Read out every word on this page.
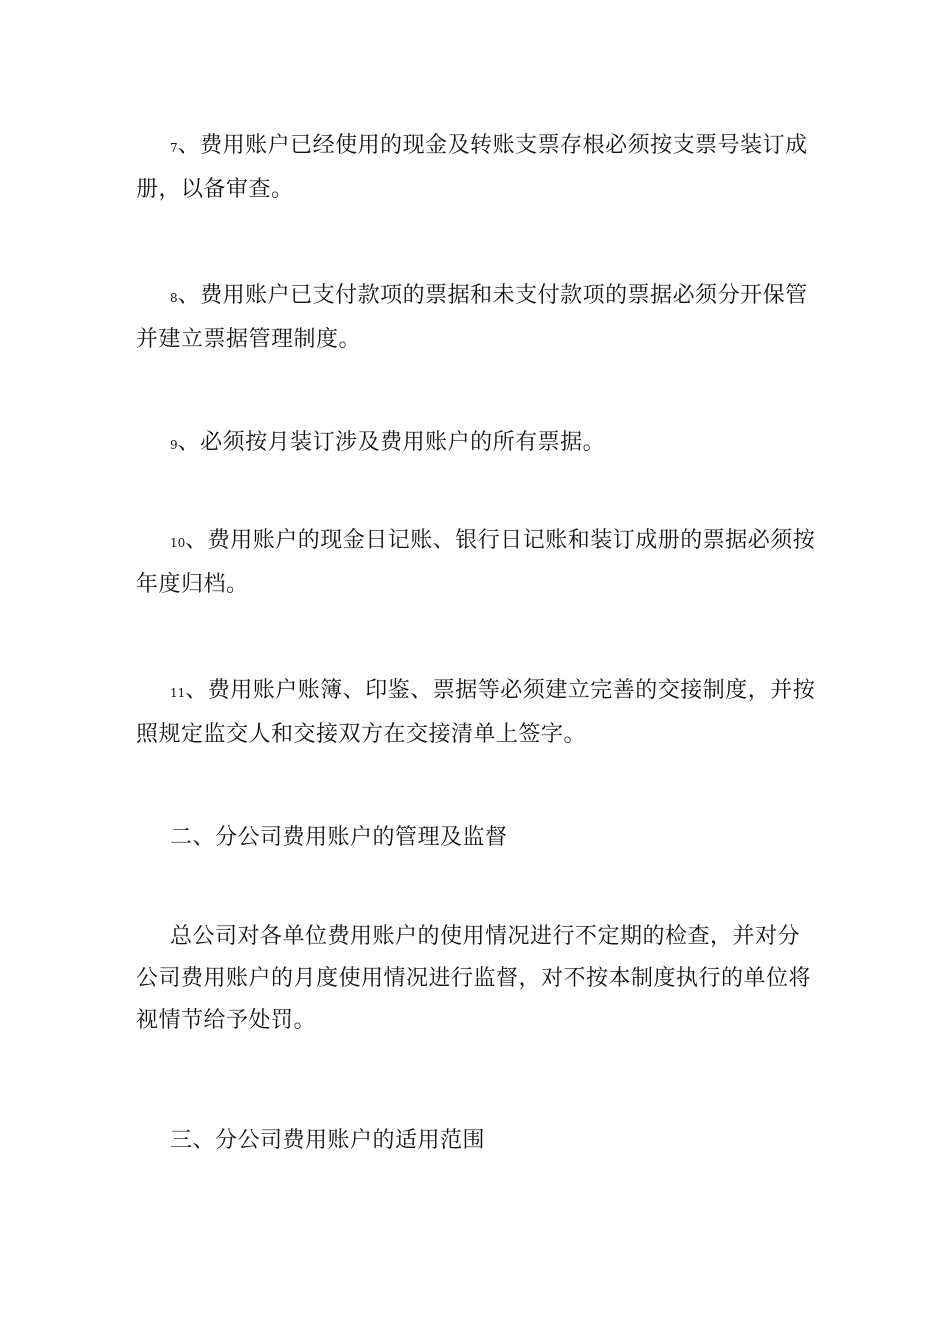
7、费用账户已经使用的现金及转账支票存根必须按支票号装订成
册，以备审查。

8、费用账户已支付款项的票据和未支付款项的票据必须分开保管
并建立票据管理制度。

9、必须按月装订涉及费用账户的所有票据。

10、费用账户的现金日记账、银行日记账和装订成册的票据必须按
年度归档。

11、费用账户账簿、印鉴、票据等必须建立完善的交接制度，并按
照规定监交人和交接双方在交接清单上签字。

二、分公司费用账户的管理及监督

总公司对各单位费用账户的使用情况进行不定期的检查，并对分
公司费用账户的月度使用情况进行监督，对不按本制度执行的单位将
视情节给予处罚。

三、分公司费用账户的适用范围
